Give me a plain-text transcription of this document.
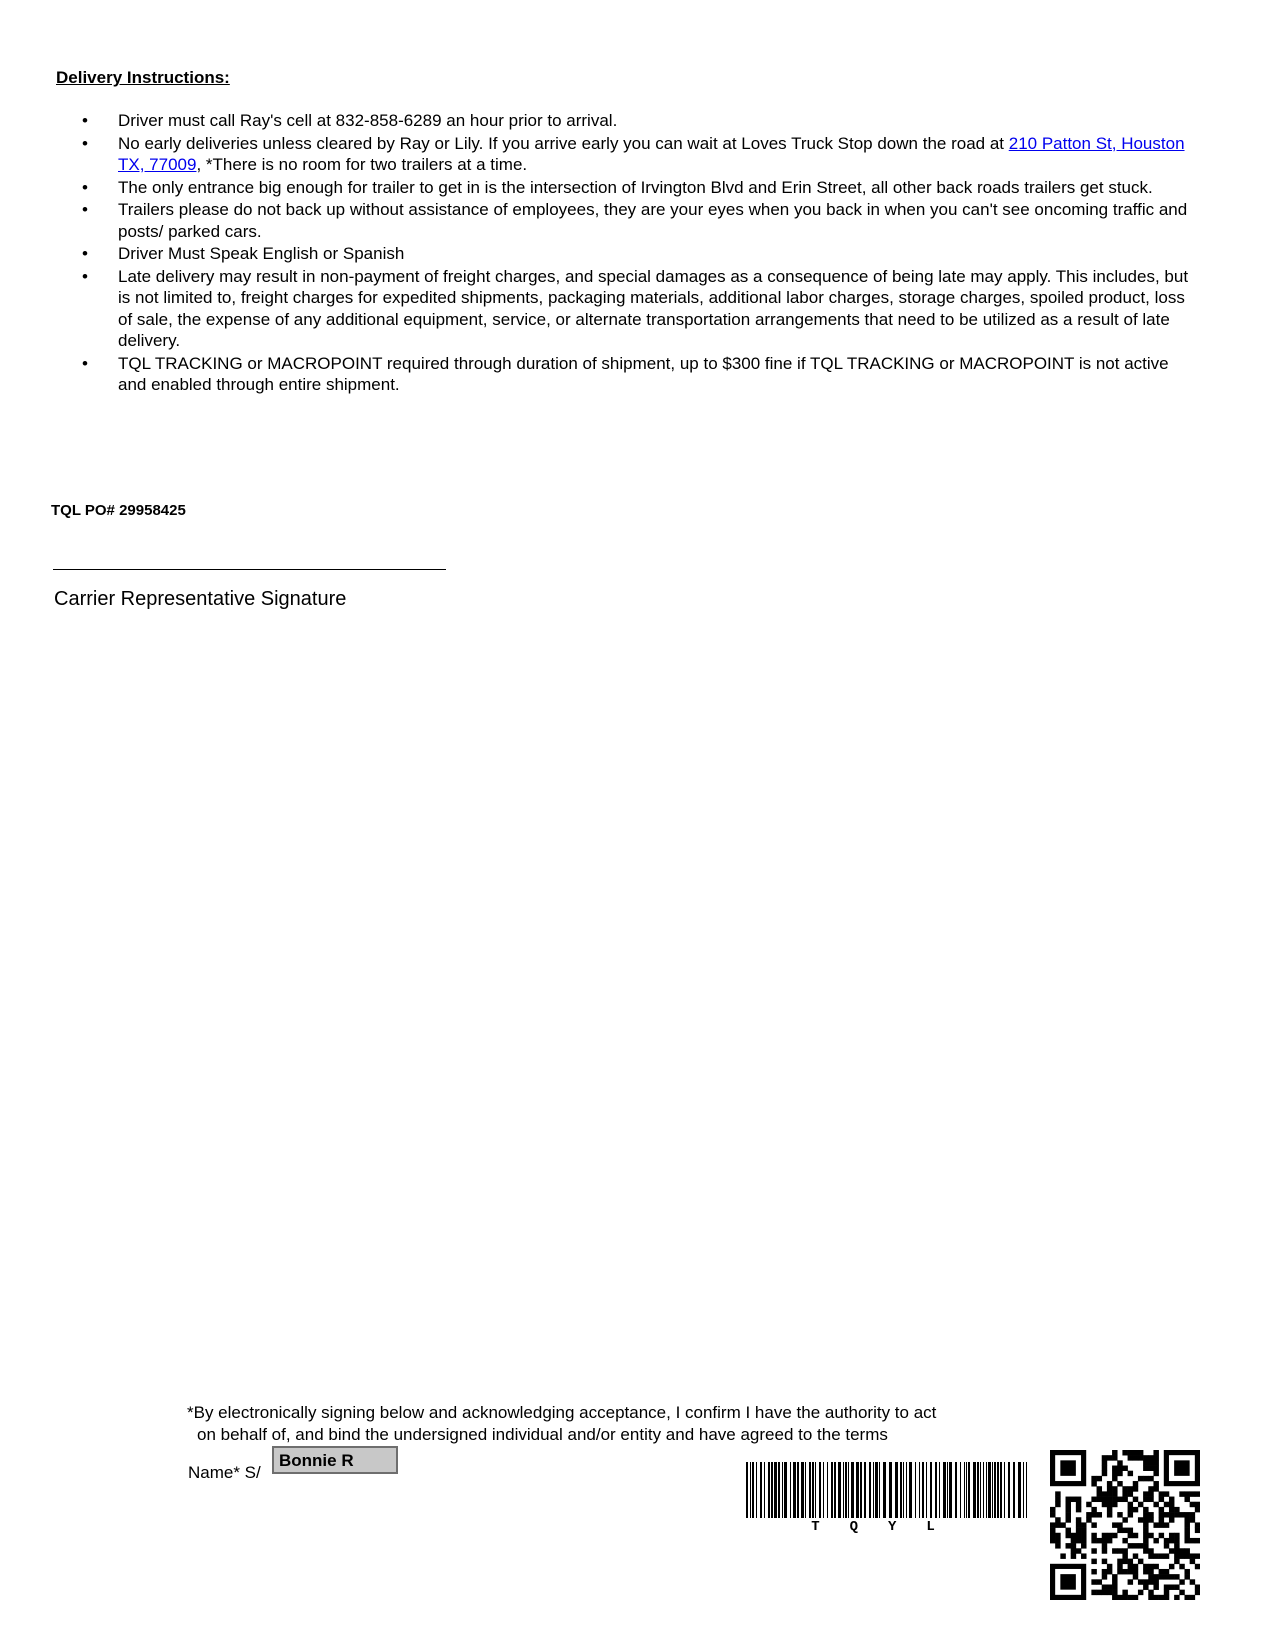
Delivery Instructions:
• Driver must call Ray's cell at 832-858-6289 an hour prior to arrival.
• No early deliveries unless cleared by Ray or Lily. If you arrive early you can wait at Loves Truck Stop down the road at 210 Patton St, Houston TX, 77009, *There is no room for two trailers at a time.
• The only entrance big enough for trailer to get in is the intersection of Irvington Blvd and Erin Street, all other back roads trailers get stuck.
• Trailers please do not back up without assistance of employees, they are your eyes when you back in when you can't see oncoming traffic and posts/ parked cars.
• Driver Must Speak English or Spanish
• Late delivery may result in non-payment of freight charges, and special damages as a consequence of being late may apply. This includes, but is not limited to, freight charges for expedited shipments, packaging materials, additional labor charges, storage charges, spoiled product, loss of sale, the expense of any additional equipment, service, or alternate transportation arrangements that need to be utilized as a result of late delivery.
• TQL TRACKING or MACROPOINT required through duration of shipment, up to $300 fine if TQL TRACKING or MACROPOINT is not active and enabled through entire shipment.
TQL PO# 29958425
Carrier Representative Signature
*By electronically signing below and acknowledging acceptance, I confirm I have the authority to act
on behalf of, and bind the undersigned individual and/or entity and have agreed to the terms
Name* S/
Bonnie R
TQYL
